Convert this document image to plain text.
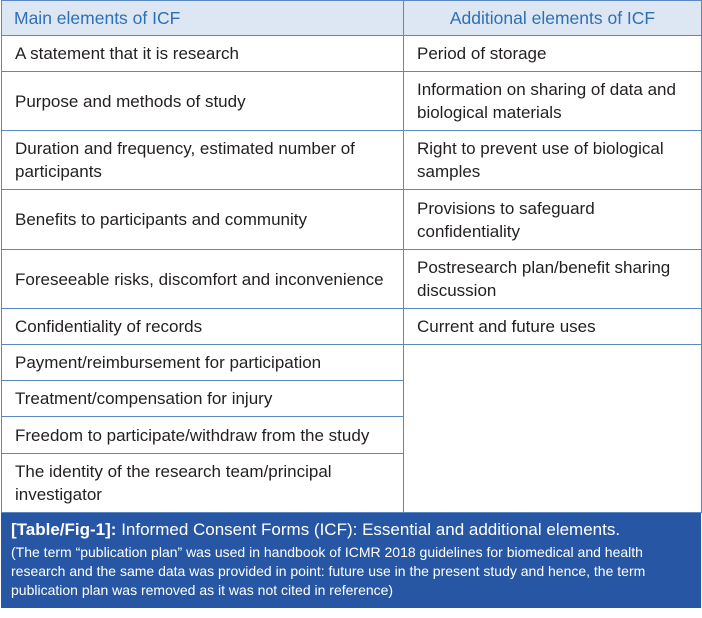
Main elements of ICF	Additional elements of ICF
A statement that it is research	Period of storage
Purpose and methods of study	Information on sharing of data and biological materials
Duration and frequency, estimated number of participants	Right to prevent use of biological samples
Benefits to participants and community	Provisions to safeguard confidentiality
Foreseeable risks, discomfort and inconvenience	Postresearch plan/benefit sharing discussion
Confidentiality of records	Current and future uses
Payment/reimbursement for participation	
Treatment/compensation for injury	
Freedom to participate/withdraw from the study	
The identity of the research team/principal investigator	
[Table/Fig-1]: Informed Consent Forms (ICF): Essential and additional elements.
(The term “publication plan” was used in handbook of ICMR 2018 guidelines for biomedical and health research and the same data was provided in point: future use in the present study and hence, the term publication plan was removed as it was not cited in reference)
